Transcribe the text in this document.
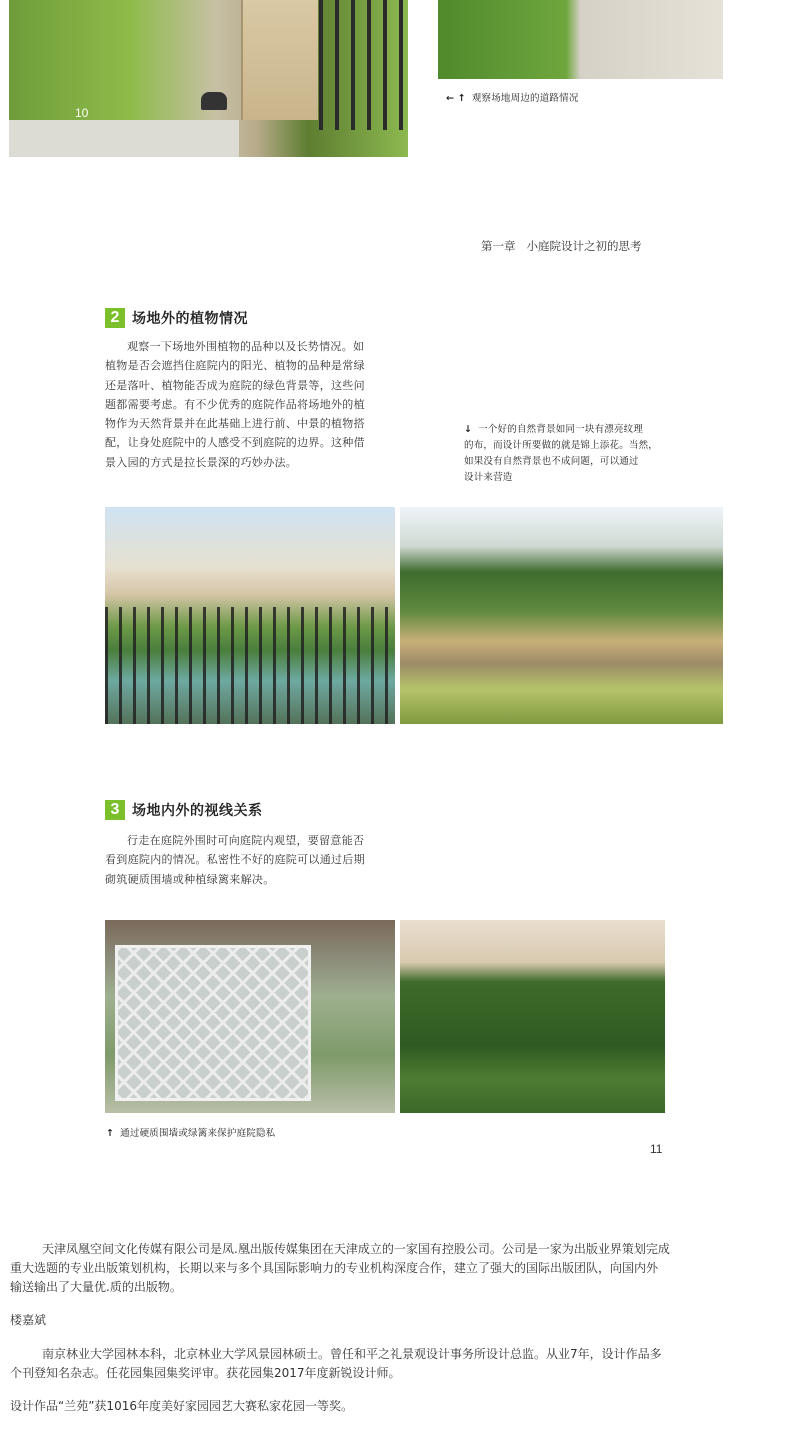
10
← ↑ 观察场地周边的道路情况
第一章   小庭院设计之初的思考
2 场地外的植物情况
观察一下场地外围植物的品种以及长势情况。如
植物是否会遮挡住庭院内的阳光、植物的品种是常绿
还是落叶、植物能否成为庭院的绿色背景等，这些问
题都需要考虑。有不少优秀的庭院作品将场地外的植
物作为天然背景并在此基础上进行前、中景的植物搭
配，让身处庭院中的人感受不到庭院的边界。这种借
景入园的方式是拉长景深的巧妙办法。
↓ 一个好的自然背景如同一块有漂亮纹理
的布，而设计所要做的就是锦上添花。当然，
如果没有自然背景也不成问题，可以通过
设计来营造
3 场地内外的视线关系
行走在庭院外围时可向庭院内观望，要留意能否
看到庭院内的情况。私密性不好的庭院可以通过后期
砌筑硬质围墙或种植绿篱来解决。
↑ 通过硬质围墙或绿篱来保护庭院隐私
11
天津凤凰空间文化传媒有限公司是凤.凰出版传媒集团在天津成立的一家国有控股公司。公司是一家为出版业界策划完成
重大选题的专业出版策划机构，长期以来与多个具国际影响力的专业机构深度合作，建立了强大的国际出版团队，向国内外
输送输出了大量优.质的出版物。
楼嘉斌
南京林业大学园林本科，北京林业大学风景园林硕士。曾任和平之礼景观设计事务所设计总监。从业7年，设计作品多
个刊登知名杂志。任花园集园集奖评审。获花园集2017年度新锐设计师。
设计作品“兰苑”获1016年度美好家园园艺大赛私家花园一等奖。
